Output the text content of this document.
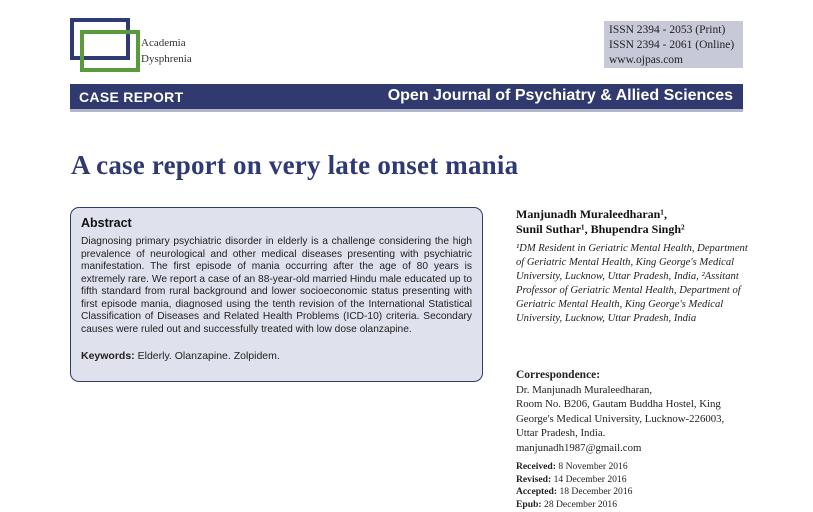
Academia
Dysphrenia
ISSN 2394 - 2053 (Print)
ISSN 2394 - 2061 (Online)
www.ojpas.com
CASE REPORT	Open Journal of Psychiatry & Allied Sciences
A case report on very late onset mania
Abstract

Diagnosing primary psychiatric disorder in elderly is a challenge considering the high prevalence of neurological and other medical diseases presenting with psychiatric manifestation. The first episode of mania occurring after the age of 80 years is extremely rare. We report a case of an 88-year-old married Hindu male educated up to fifth standard from rural background and lower socioeconomic status presenting with first episode mania, diagnosed using the tenth revision of the International Statistical Classification of Diseases and Related Health Problems (ICD-10) criteria. Secondary causes were ruled out and successfully treated with low dose olanzapine.

Keywords: Elderly. Olanzapine. Zolpidem.
Manjunadh Muraleedharan¹,
Sunil Suthar¹, Bhupendra Singh²
¹DM Resident in Geriatric Mental Health, Department of Geriatric Mental Health, King George's Medical University, Lucknow, Uttar Pradesh, India, ²Assitant Professor of Geriatric Mental Health, Department of Geriatric Mental Health, King George's Medical University, Lucknow, Uttar Pradesh, India
Correspondence:
Dr. Manjunadh Muraleedharan,
Room No. B206, Gautam Buddha Hostel, King George's Medical University, Lucknow-226003,
Uttar Pradesh, India.
manjunadh1987@gmail.com
Received: 8 November 2016
Revised: 14 December 2016
Accepted: 18 December 2016
Epub: 28 December 2016
